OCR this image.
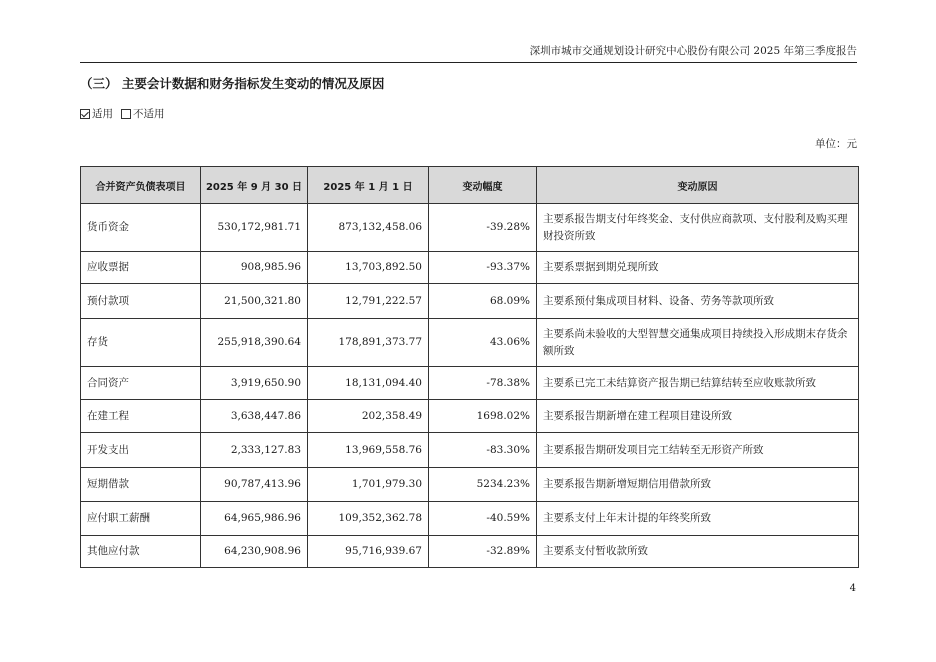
深圳市城市交通规划设计研究中心股份有限公司 2025 年第三季度报告
（三） 主要会计数据和财务指标发生变动的情况及原因
适用 不适用
单位：元
合并资产负债表项目	2025 年 9 月 30 日	2025 年 1 月 1 日	变动幅度	变动原因
货币资金	530,172,981.71	873,132,458.06	-39.28%	主要系报告期支付年终奖金、支付供应商款项、支付股利及购买理财投资所致
应收票据	908,985.96	13,703,892.50	-93.37%	主要系票据到期兑现所致
预付款项	21,500,321.80	12,791,222.57	68.09%	主要系预付集成项目材料、设备、劳务等款项所致
存货	255,918,390.64	178,891,373.77	43.06%	主要系尚未验收的大型智慧交通集成项目持续投入形成期末存货余额所致
合同资产	3,919,650.90	18,131,094.40	-78.38%	主要系已完工未结算资产报告期已结算结转至应收账款所致
在建工程	3,638,447.86	202,358.49	1698.02%	主要系报告期新增在建工程项目建设所致
开发支出	2,333,127.83	13,969,558.76	-83.30%	主要系报告期研发项目完工结转至无形资产所致
短期借款	90,787,413.96	1,701,979.30	5234.23%	主要系报告期新增短期信用借款所致
应付职工薪酬	64,965,986.96	109,352,362.78	-40.59%	主要系支付上年末计提的年终奖所致
其他应付款	64,230,908.96	95,716,939.67	-32.89%	主要系支付暂收款所致
4
